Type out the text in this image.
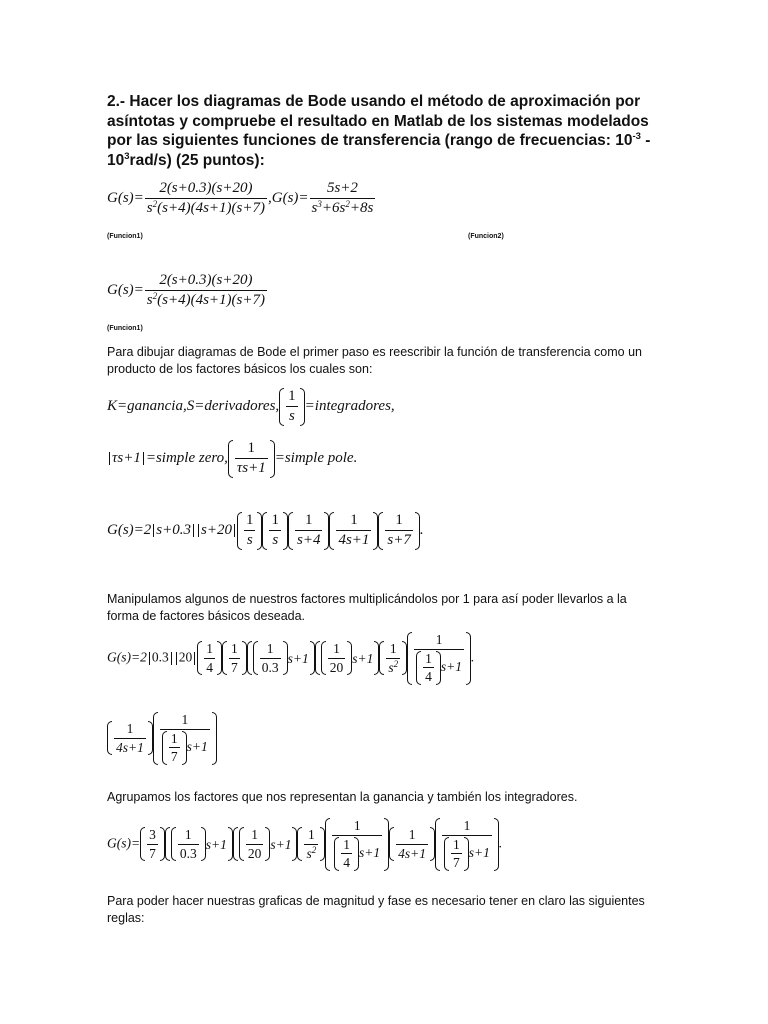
2.- Hacer los diagramas de Bode usando el método de aproximación por asíntotas y compruebe el resultado en Matlab de los sistemas modelados por las siguientes funciones de transferencia (rango de frecuencias: $10^{-3} - 10^3rad/s$) (25 puntos):
$G(s)= \frac{2(s+0.3)(s+20)}{s^2(s+4)(4s+1)(s+7)} ,G(s)= \frac{5s+2}{s^3+6s^2+8s}$
(Funcion1)	(Funcion2)
$G(s)= \frac{2(s+0.3)(s+20)}{s^2(s+4)(4s+1)(s+7)}$
(Funcion1)
Para dibujar diagramas de Bode el primer paso es reescribir la función de transferencia como un producto de los factores básicos los cuales son:
K=ganancia,S=derivadores, $\frac{1}{s}$ =integradores,
τs+1 =simple zero, $\frac{1}{\tau s+1}$ =simple pole.
G(s)=2 s+0.3 $s+20 \frac{1}{s} \frac{1}{s} \frac{1}{s+4} \frac{1}{4s+1} \frac{1}{s+7}$ .
Manipulamos algunos de nuestros factores multiplicándolos por 1 para así poder llevarlos a la forma de factores básicos deseada.
G(s)=2 0.3 $20 \frac{1}{4} \frac{1}{7} \frac{1}{0.3} s+1 \frac{1}{20} s+1 \frac{1}{s^2} \frac{1}{\frac{1}{4} s+1}$ .
$\frac{1}{4s+1} \frac{1}{\frac{1}{7} s+1}$
Agrupamos los factores que nos representan la ganancia y también los integradores.
$G(s)= \frac{3}{7} \frac{1}{0.3} s+1 \frac{1}{20} s+1 \frac{1}{s^2} \frac{1}{\frac{1}{4} s+1} \frac{1}{4s+1} \frac{1}{\frac{1}{7} s+1}$ .
Para poder hacer nuestras graficas de magnitud y fase es necesario tener en claro las siguientes reglas:
